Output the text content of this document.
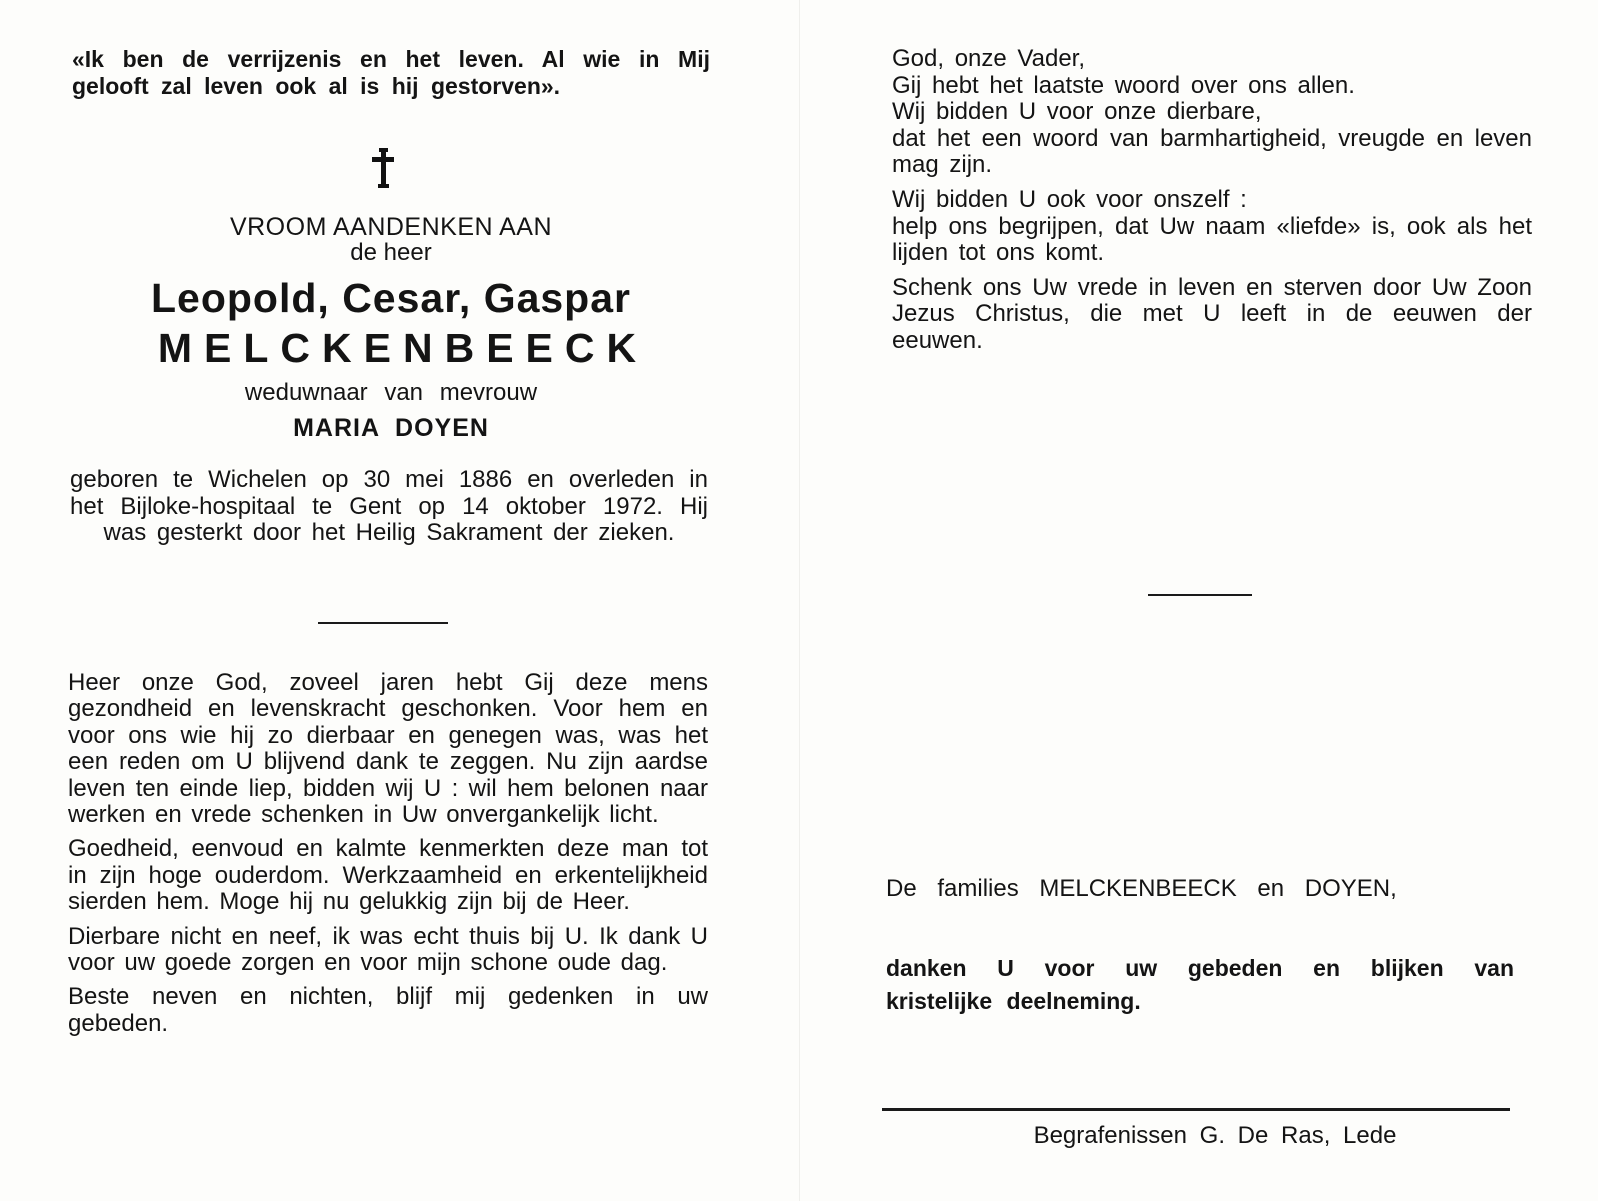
«Ik ben de verrijzenis en het leven. Al wie in Mij gelooft zal leven ook al is hij gestorven».
VROOM AANDENKEN AAN
de heer
Leopold, Cesar, Gaspar
MELCKENBEECK
weduwnaar van mevrouw
MARIA DOYEN
geboren te Wichelen op 30 mei 1886 en overleden in het Bijloke-hospitaal te Gent op 14 oktober 1972. Hij was gesterkt door het Heilig Sakrament der zieken.

Heer onze God, zoveel jaren hebt Gij deze mens gezondheid en levenskracht geschonken. Voor hem en voor ons wie hij zo dierbaar en genegen was, was het een reden om U blijvend dank te zeggen. Nu zijn aardse leven ten einde liep, bidden wij U : wil hem belonen naar werken en vrede schenken in Uw onvergankelijk licht.

Goedheid, eenvoud en kalmte kenmerkten deze man tot in zijn hoge ouderdom. Werkzaamheid en erkentelijkheid sierden hem. Moge hij nu gelukkig zijn bij de Heer.

Dierbare nicht en neef, ik was echt thuis bij U. Ik dank U voor uw goede zorgen en voor mijn schone oude dag.

Beste neven en nichten, blijf mij gedenken in uw gebeden.

God, onze Vader,
Gij hebt het laatste woord over ons allen.
Wij bidden U voor onze dierbare,
dat het een woord van barmhartigheid, vreugde en leven mag zijn.

Wij bidden U ook voor onszelf :
help ons begrijpen, dat Uw naam «liefde» is, ook als het lijden tot ons komt.

Schenk ons Uw vrede in leven en sterven door Uw Zoon Jezus Christus, die met U leeft in de eeuwen der eeuwen.

De families MELCKENBEECK en DOYEN,
danken U voor uw gebeden en blijken van kristelijke deelneming.
Begrafenissen G. De Ras, Lede
